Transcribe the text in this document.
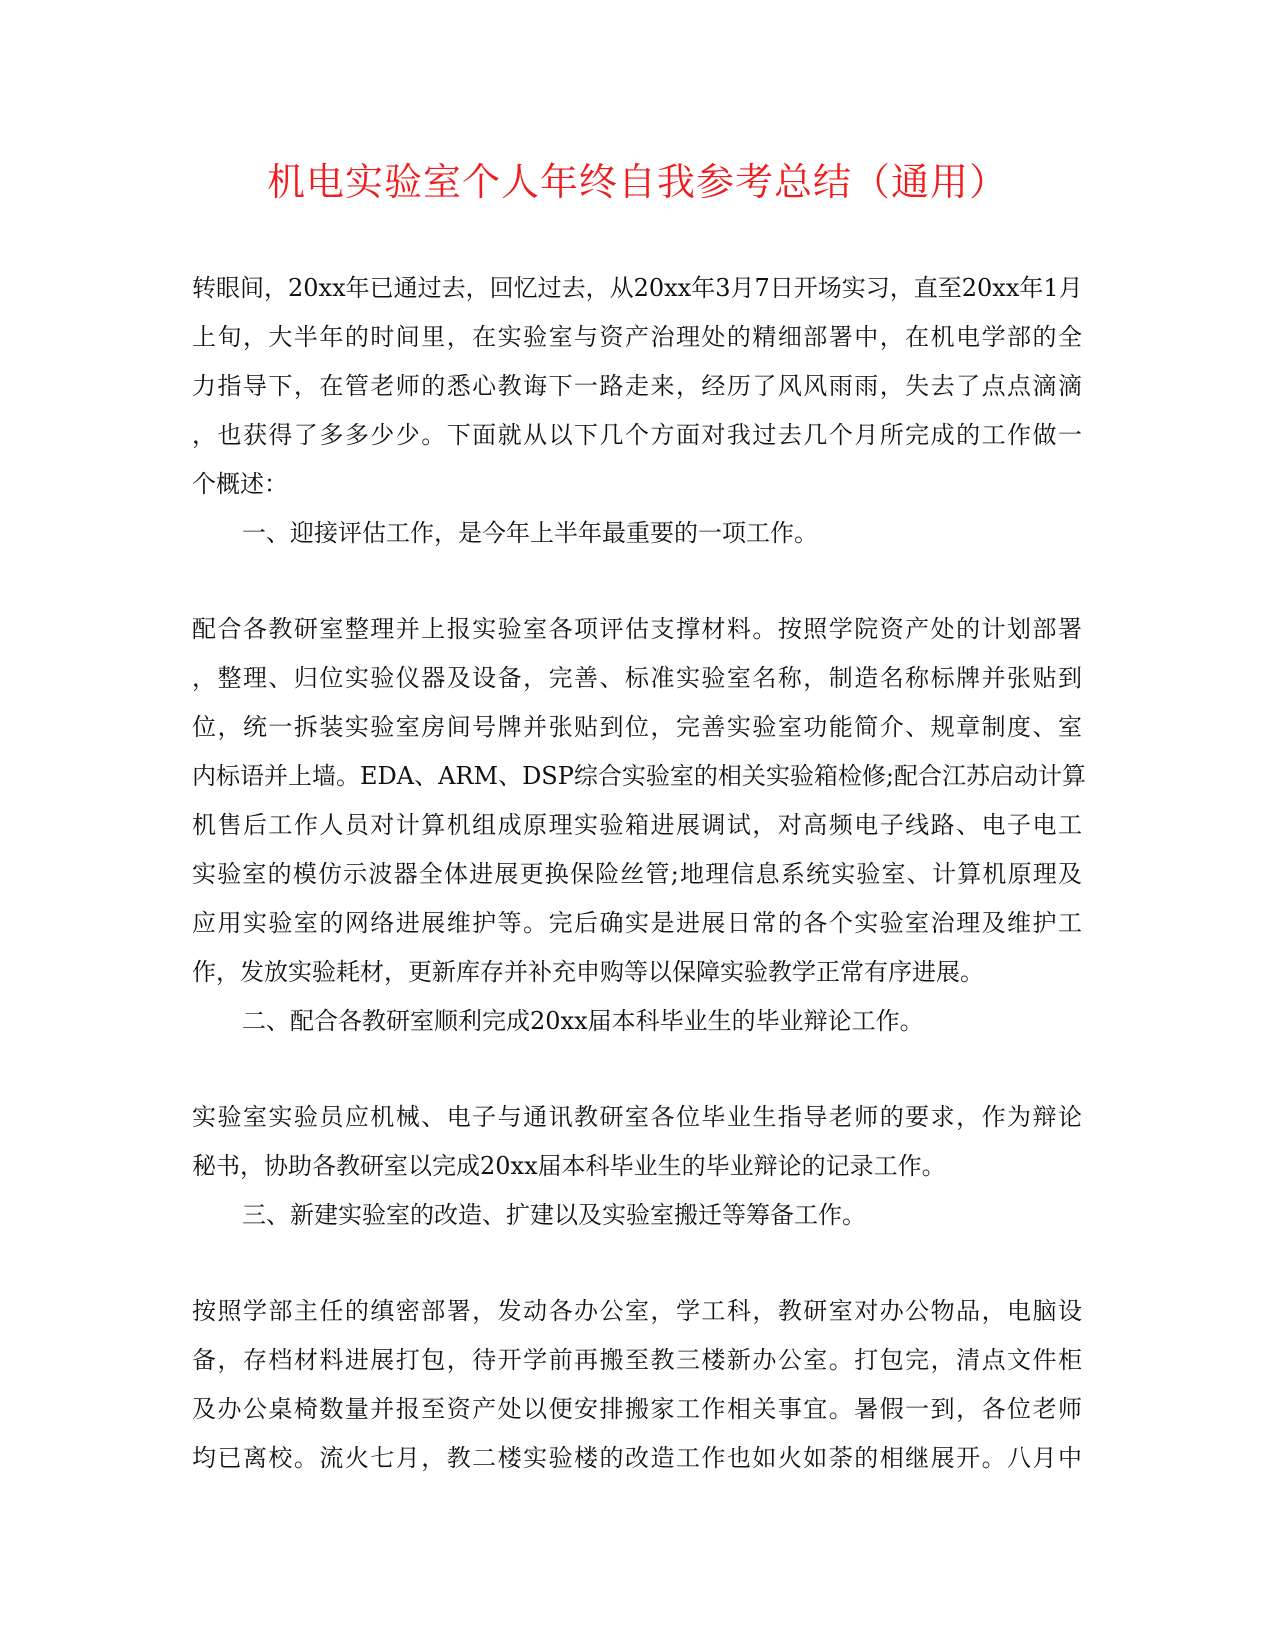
机电实验室个人年终自我参考总结（通用）
转眼间，20xx年已通过去，回忆过去，从20xx年3月7日开场实习，直至20xx年1月
上旬，大半年的时间里，在实验室与资产治理处的精细部署中，在机电学部的全
力指导下，在管老师的悉心教诲下一路走来，经历了风风雨雨，失去了点点滴滴
，也获得了多多少少。下面就从以下几个方面对我过去几个月所完成的工作做一
个概述：
一、迎接评估工作，是今年上半年最重要的一项工作。
配合各教研室整理并上报实验室各项评估支撑材料。按照学院资产处的计划部署
，整理、归位实验仪器及设备，完善、标准实验室名称，制造名称标牌并张贴到
位，统一拆装实验室房间号牌并张贴到位，完善实验室功能简介、规章制度、室
内标语并上墙。EDA、ARM、DSP综合实验室的相关实验箱检修;配合江苏启动计算
机售后工作人员对计算机组成原理实验箱进展调试，对高频电子线路、电子电工
实验室的模仿示波器全体进展更换保险丝管;地理信息系统实验室、计算机原理及
应用实验室的网络进展维护等。完后确实是进展日常的各个实验室治理及维护工
作，发放实验耗材，更新库存并补充申购等以保障实验教学正常有序进展。
二、配合各教研室顺利完成20xx届本科毕业生的毕业辩论工作。
实验室实验员应机械、电子与通讯教研室各位毕业生指导老师的要求，作为辩论
秘书，协助各教研室以完成20xx届本科毕业生的毕业辩论的记录工作。
三、新建实验室的改造、扩建以及实验室搬迁等筹备工作。
按照学部主任的缜密部署，发动各办公室，学工科，教研室对办公物品，电脑设
备，存档材料进展打包，待开学前再搬至教三楼新办公室。打包完，清点文件柜
及办公桌椅数量并报至资产处以便安排搬家工作相关事宜。暑假一到，各位老师
均已离校。流火七月，教二楼实验楼的改造工作也如火如荼的相继展开。八月中
